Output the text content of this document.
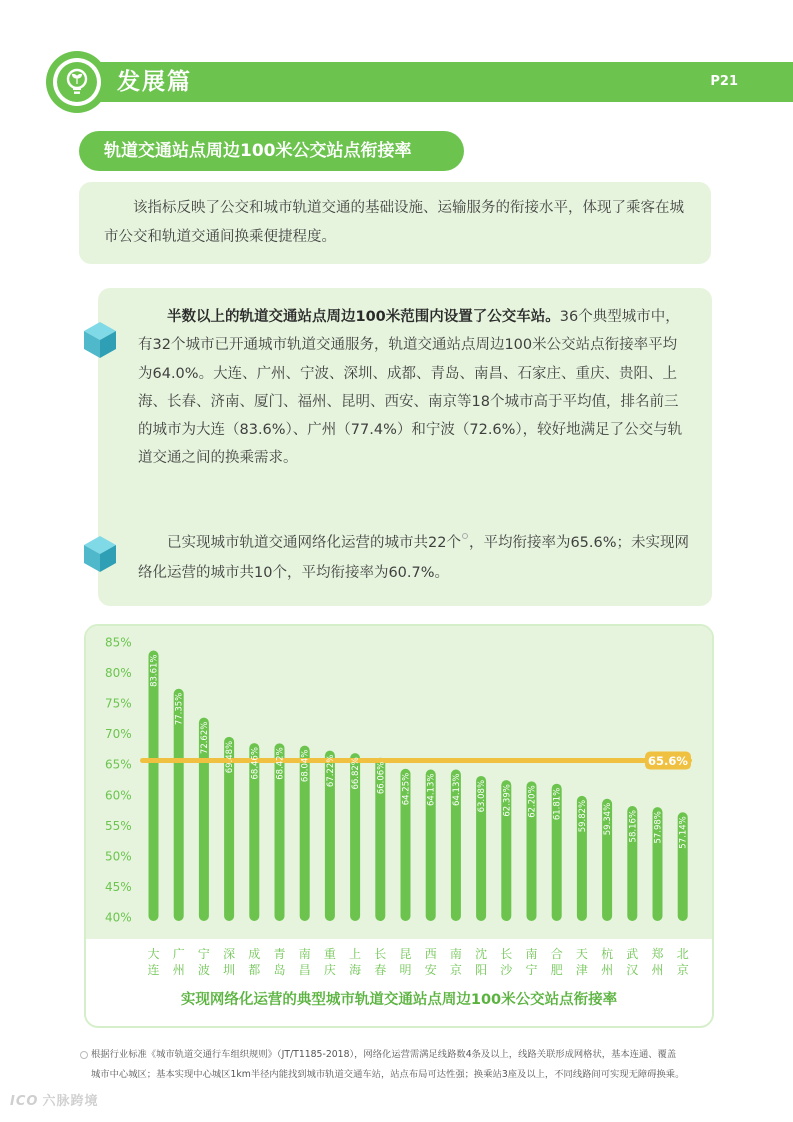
发展篇	P21
轨道交通站点周边100米公交站点衔接率
该指标反映了公交和城市轨道交通的基础设施、运输服务的衔接水平，体现了乘客在城市公交和轨道交通间换乘便捷程度。
半数以上的轨道交通站点周边100米范围内设置了公交车站。36个典型城市中，有32个城市已开通城市轨道交通服务，轨道交通站点周边100米公交站点衔接率平均为64.0%。大连、广州、宁波、深圳、成都、青岛、南昌、石家庄、重庆、贵阳、上海、长春、济南、厦门、福州、昆明、西安、南京等18个城市高于平均值，排名前三的城市为大连（83.6%）、广州（77.4%）和宁波（72.6%），较好地满足了公交与轨道交通之间的换乘需求。
已实现城市轨道交通网络化运营的城市共22个 ，平均衔接率为65.6%；未实现网络化运营的城市共10个，平均衔接率为60.7%。
85%
80%
75%
70%
65%
60%
55%
50%
45%
40%
65.6%
83.61%
77.35%
72.62%
69.48% 68.46% 68.42% 68.04% 67.22% 66.82% 66.06% 64.25% 64.13% 64.13% 63.08% 62.39% 62.20% 61.81% 59.82% 59.34% 58.16% 57.98% 57.14%
大
连
广
州
宁
波
深
圳
成
都
青
岛
南
昌
重
庆
上
海
长
春
昆
明
西
安
南
京
沈
阳
长
沙
南
宁
合
肥
天
津
杭
州
武
汉
郑
州
北
京
实现网络化运营的典型城市轨道交通站点周边100米公交站点衔接率
根据行业标准《城市轨道交通行车组织规则》（JT/T1185-2018），网络化运营需满足线路数4条及以上，线路关联形成网格状，基本连通、覆盖
城市中心城区；基本实现中心城区1km半径内能找到城市轨道交通车站，站点布局可达性强；换乘站3座及以上，不同线路间可实现无障碍换乘。
ICO 六脉跨境
